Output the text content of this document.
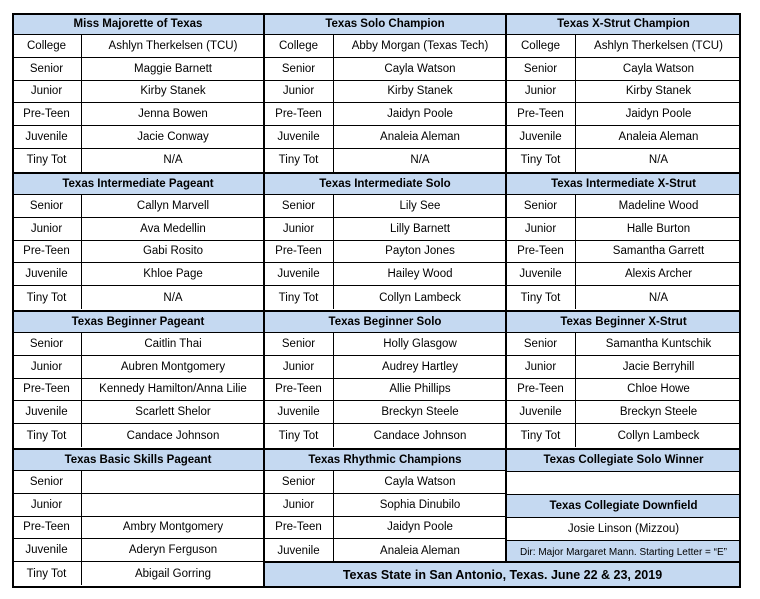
Miss Majorette of Texas
College	Ashlyn Therkelsen (TCU)
Senior	Maggie Barnett
Junior	Kirby Stanek
Pre-Teen	Jenna Bowen
Juvenile	Jacie Conway
Tiny Tot	N/A
Texas Solo Champion
College	Abby Morgan (Texas Tech)
Senior	Cayla Watson
Junior	Kirby Stanek
Pre-Teen	Jaidyn Poole
Juvenile	Analeia Aleman
Tiny Tot	N/A
Texas X-Strut Champion
College	Ashlyn Therkelsen (TCU)
Senior	Cayla Watson
Junior	Kirby Stanek
Pre-Teen	Jaidyn Poole
Juvenile	Analeia Aleman
Tiny Tot	N/A
Texas Intermediate Pageant
Senior	Callyn Marvell
Junior	Ava Medellin
Pre-Teen	Gabi Rosito
Juvenile	Khloe Page
Tiny Tot	N/A
Texas Intermediate Solo
Senior	Lily See
Junior	Lilly Barnett
Pre-Teen	Payton Jones
Juvenile	Hailey Wood
Tiny Tot	Collyn Lambeck
Texas Intermediate X-Strut
Senior	Madeline Wood
Junior	Halle Burton
Pre-Teen	Samantha Garrett
Juvenile	Alexis Archer
Tiny Tot	N/A
Texas Beginner Pageant
Senior	Caitlin Thai
Junior	Aubren Montgomery
Pre-Teen	Kennedy Hamilton/Anna Lilie
Juvenile	Scarlett Shelor
Tiny Tot	Candace Johnson
Texas Beginner Solo
Senior	Holly Glasgow
Junior	Audrey Hartley
Pre-Teen	Allie Phillips
Juvenile	Breckyn Steele
Tiny Tot	Candace Johnson
Texas Beginner X-Strut
Senior	Samantha Kuntschik
Junior	Jacie Berryhill
Pre-Teen	Chloe Howe
Juvenile	Breckyn Steele
Tiny Tot	Collyn Lambeck
Texas Basic Skills Pageant
Senior
Junior
Pre-Teen	Ambry Montgomery
Juvenile	Aderyn Ferguson
Tiny Tot	Abigail Gorring
Texas Rhythmic Champions
Senior	Cayla Watson
Junior	Sophia Dinubilo
Pre-Teen	Jaidyn Poole
Juvenile	Analeia Aleman
Texas Collegiate Solo Winner
Texas Collegiate Downfield
Josie Linson (Mizzou)
Dir: Major Margaret Mann. Starting Letter = “E”
Texas State in San Antonio, Texas. June 22 & 23, 2019
